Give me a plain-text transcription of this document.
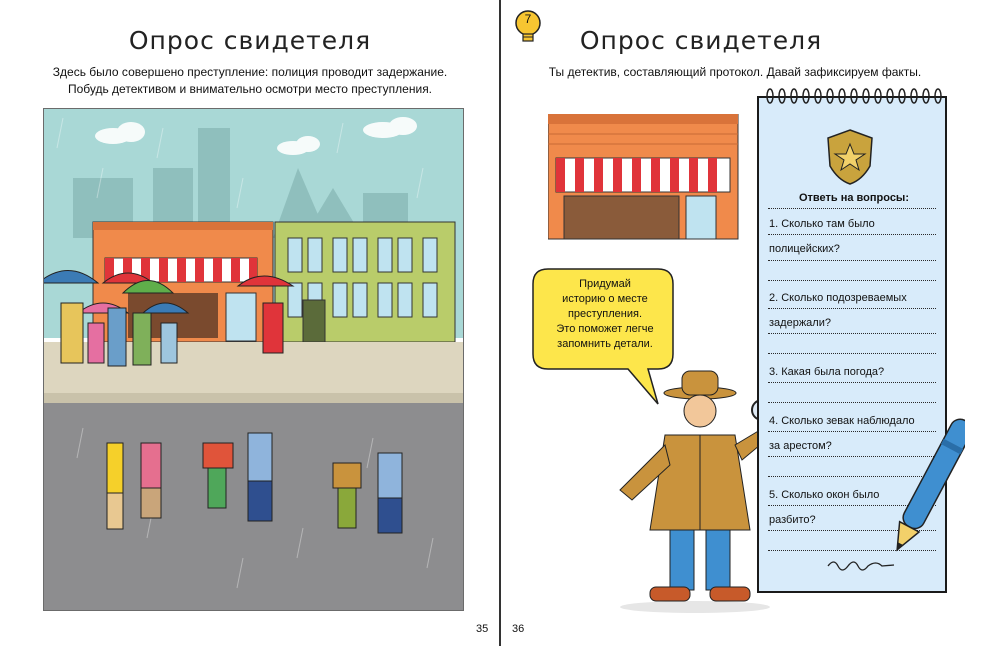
Опрос свидетеля
Здесь было совершено преступление: полиция проводит задержание.
Побудь детективом и внимательно осмотри место преступления.
35
7
Опрос свидетеля
Ты детектив, составляющий протокол. Давай зафиксируем факты.
Придумай
историю о месте
преступления.
Это поможет легче
запомнить детали.
Ответь на вопросы:
1. Сколько там было
полицейских?
2. Сколько подозреваемых
задержали?
3. Какая была погода?
4. Сколько зевак наблюдало
за арестом?
5. Сколько окон было
разбито?
36
